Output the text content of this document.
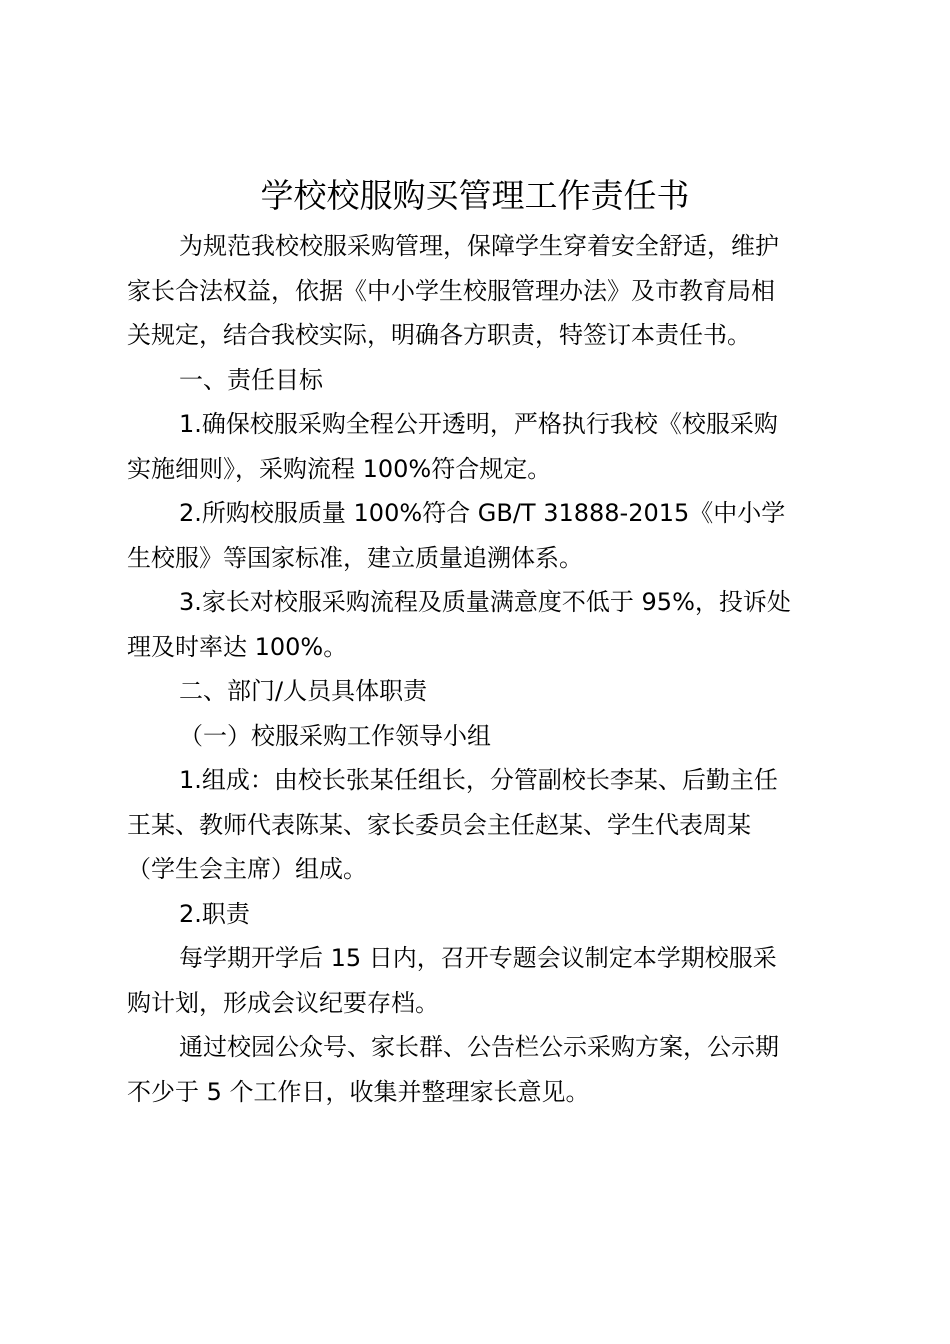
学校校服购买管理工作责任书

为规范我校校服采购管理，保障学生穿着安全舒适，维护
家长合法权益，依据《中小学生校服管理办法》及市教育局相
关规定，结合我校实际，明确各方职责，特签订本责任书。

一、责任目标

1.确保校服采购全程公开透明，严格执行我校《校服采购
实施细则》，采购流程 100%符合规定。

2.所购校服质量 100%符合 GB/T 31888-2015《中小学
生校服》等国家标准，建立质量追溯体系。

3.家长对校服采购流程及质量满意度不低于 95%，投诉处
理及时率达 100%。

二、部门/人员具体职责

（一）校服采购工作领导小组

1.组成：由校长张某任组长，分管副校长李某、后勤主任
王某、教师代表陈某、家长委员会主任赵某、学生代表周某
（学生会主席）组成。

2.职责

每学期开学后 15 日内，召开专题会议制定本学期校服采
购计划，形成会议纪要存档。

通过校园公众号、家长群、公告栏公示采购方案，公示期
不少于 5 个工作日，收集并整理家长意见。
